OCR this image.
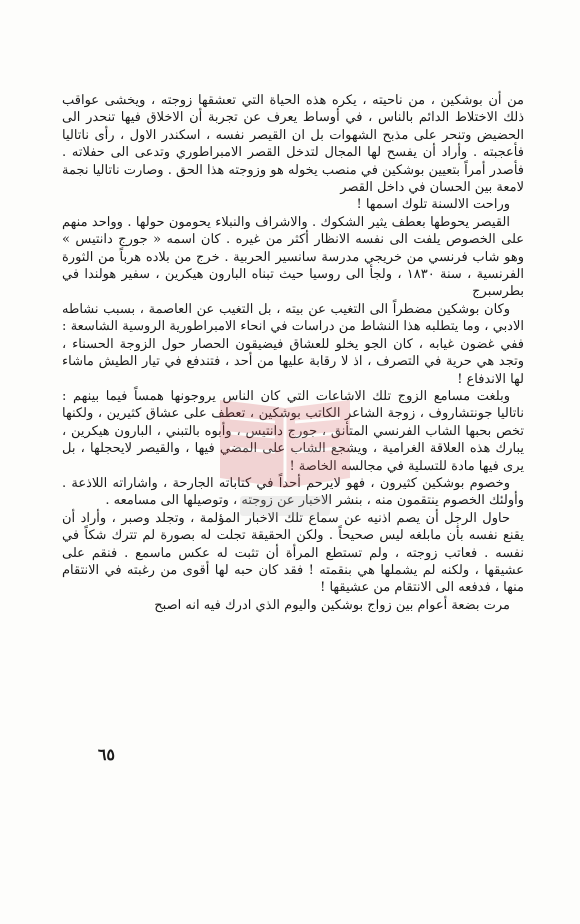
من أن بوشكين ، من ناحيته ، يكره هذه الحياة التي تعشقها زوجته ، ويخشى عواقب ذلك الاختلاط الدائم بالناس ، في أوساط يعرف عن تجربة أن الاخلاق فيها تنحدر الى الحضيض وتنحر على مذبح الشهوات بل ان القيصر نفسه ، اسكندر الاول ، رأى ناتاليا فأعجبته . وأراد أن يفسح لها المجال لتدخل القصر الامبراطوري وتدعى الى حفلاته . فأصدر أمراً بتعيين بوشكين في منصب يخوله هو وزوجته هذا الحق . وصارت ناتاليا نجمة لامعة بين الحسان في داخل القصر

وراحت الالسنة تلوك اسمها !

القيصر يحوطها بعطف يثير الشكوك . والاشراف والنبلاء يحومون حولها . وواحد منهم على الخصوص يلفت الى نفسه الانظار أكثر من غيره . كان اسمه « جورج دانتيس » وهو شاب فرنسي من خريجي مدرسة سانسير الحربية . خرج من بلاده هرباً من الثورة الفرنسية ، سنة ١٨٣٠ ، ولجأ الى روسيا حيث تبناه البارون هيكرين ، سفير هولندا في بطرسبرج

وكان بوشكين مضطراً الى التغيب عن بيته ، بل التغيب عن العاصمة ، بسبب نشاطه الادبي ، وما يتطلبه هذا النشاط من دراسات في انحاء الامبراطورية الروسية الشاسعة : ففي غضون غيابه ، كان الجو يخلو للعشاق فيضيقون الحصار حول الزوجة الحسناء ، وتجد هي حرية في التصرف ، اذ لا رقابة عليها من أحد ، فتندفع في تيار الطيش ماشاء لها الاندفاع !

وبلغت مسامع الزوج تلك الاشاعات التي كان الناس يروجونها همساً فيما بينهم : ناتاليا جونتشاروف ، زوجة الشاعر الكاتب بوشكين ، تعطف على عشاق كثيرين ، ولكنها تخص بحبها الشاب الفرنسي المتأنق ، جورج دانتيس ، وأبوه بالتبني ، البارون هيكرين ، يبارك هذه العلاقة الغرامية ، ويشجع الشاب على المضي فيها ، والقيصر لايحجلها ، بل يرى فيها مادة للتسلية في مجالسه الخاصة !

وخصوم بوشكين كثيرون ، فهو لايرحم أحداً في كتاباته الجارحة ، واشاراته اللاذعة . وأولئك الخصوم ينتقمون منه ، بنشر الاخبار عن زوجته ، وتوصيلها الى مسامعه .

حاول الرجل أن يصم اذنيه عن سماع تلك الاخبار المؤلمة ، وتجلد وصبر ، وأراد أن يقنع نفسه بأن مابلغه ليس صحيحاً . ولكن الحقيقة تجلت له بصورة لم تترك شكاً في نفسه . فعاتب زوجته ، ولم تستطع المرأة أن تثبت له عكس ماسمع . فنقم على عشيقها ، ولكنه لم يشملها هي بنقمته ! فقد كان حبه لها أقوى من رغبته في الانتقام منها ، فدفعه الى الانتقام من عشيقها !

مرت بضعة أعوام بين زواج بوشكين واليوم الذي ادرك فيه انه اصبح

٦٥
